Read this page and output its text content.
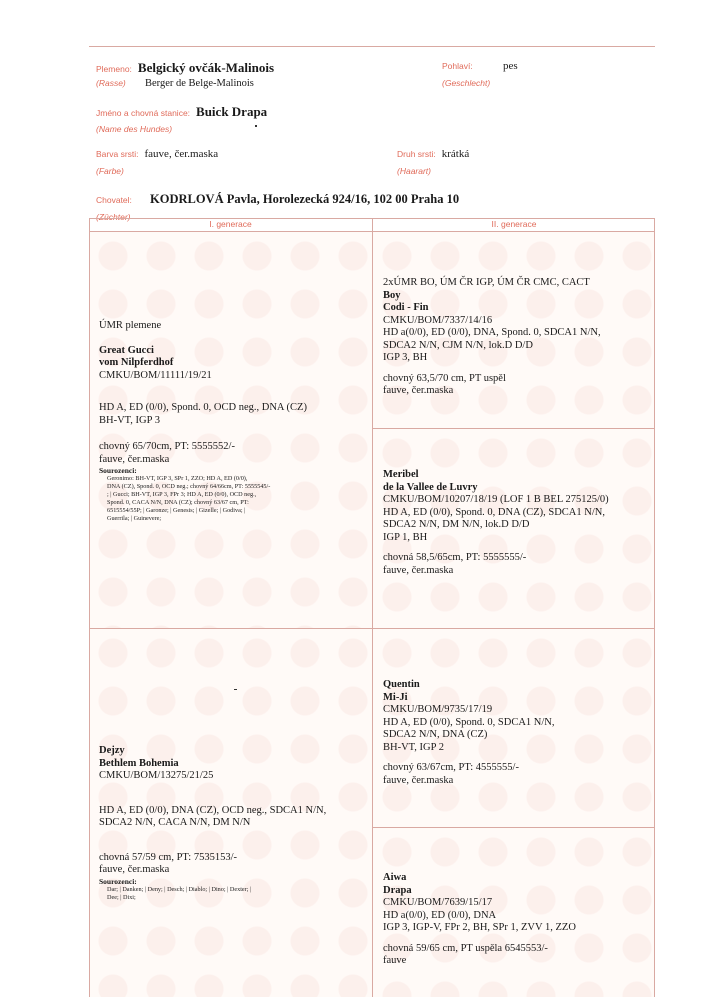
Plemeno: Belgický ovčák-Malinois
(Rasse)	Berger de Belge-Malinois
Pohlaví:	pes
(Geschlecht)
Jméno a chovná stanice: Buick Drapa
(Name des Hundes)
Barva srsti: fauve, čer.maska
(Farbe)
Druh srsti: krátká
(Haarart)
Chovatel:	KODRLOVÁ Pavla, Horolezecká 924/16, 102 00 Praha 10
(Züchter)
I. generace	II. generace
ÚMR plemene
Great Gucci
vom Nilpferdhof
CMKU/BOM/11111/19/21
HD A, ED (0/0), Spond. 0, OCD neg., DNA (CZ)
BH-VT, IGP 3
chovný 65/70cm, PT: 5555552/-
fauve, čer.maska
Sourozenci:
Geronimo: BH-VT, IGP 3, SPr 1, ZZO; HD A, ED (0/0),
DNA (CZ), Spond. 0, OCD neg.; chovný 64/66cm, PT: 5555545/-
; | Gucci; BH-VT, IGP 3, FPr 3; HD A, ED (0/0), OCD neg.,
Spond. 0, CACA N/N, DNA (CZ); chovný 63/67 cm, PT:
6515554/55P; | Garonze; | Genesis; | Gizelle; | Godiva; |
Guerrila; | Guinevere;
2xÚMR BO, ÚM ČR IGP, ÚM ČR CMC, CACT
Boy
Codi - Fin
CMKU/BOM/7337/14/16
HD a(0/0), ED (0/0), DNA, Spond. 0, SDCA1 N/N,
SDCA2 N/N, CJM N/N, lok.D D/D
IGP 3, BH
chovný 63,5/70 cm, PT uspěl
fauve, čer.maska
Meribel
de la Vallee de Luvry
CMKU/BOM/10207/18/19 (LOF 1 B BEL 275125/0)
HD A, ED (0/0), Spond. 0, DNA (CZ), SDCA1 N/N,
SDCA2 N/N, DM N/N, lok.D D/D
IGP 1, BH
chovná 58,5/65cm, PT: 5555555/-
fauve, čer.maska
Dejzy
Bethlem Bohemia
CMKU/BOM/13275/21/25
HD A, ED (0/0), DNA (CZ), OCD neg., SDCA1 N/N,
SDCA2 N/N, CACA N/N, DM N/N
chovná 57/59 cm, PT: 7535153/-
fauve, čer.maska
Sourozenci:
Dar; | Danken; | Deny; | Desch; | Diablo; | Dino; | Dexter; |
Dee; | Dixi;
Quentin
Mi-Ji
CMKU/BOM/9735/17/19
HD A, ED (0/0), Spond. 0, SDCA1 N/N,
SDCA2 N/N, DNA (CZ)
BH-VT, IGP 2
chovný 63/67cm, PT: 4555555/-
fauve, čer.maska
Aiwa
Drapa
CMKU/BOM/7639/15/17
HD a(0/0), ED (0/0), DNA
IGP 3, IGP-V, FPr 2, BH, SPr 1, ZVV 1, ZZO
chovná 59/65 cm, PT uspěla 6545553/-
fauve
